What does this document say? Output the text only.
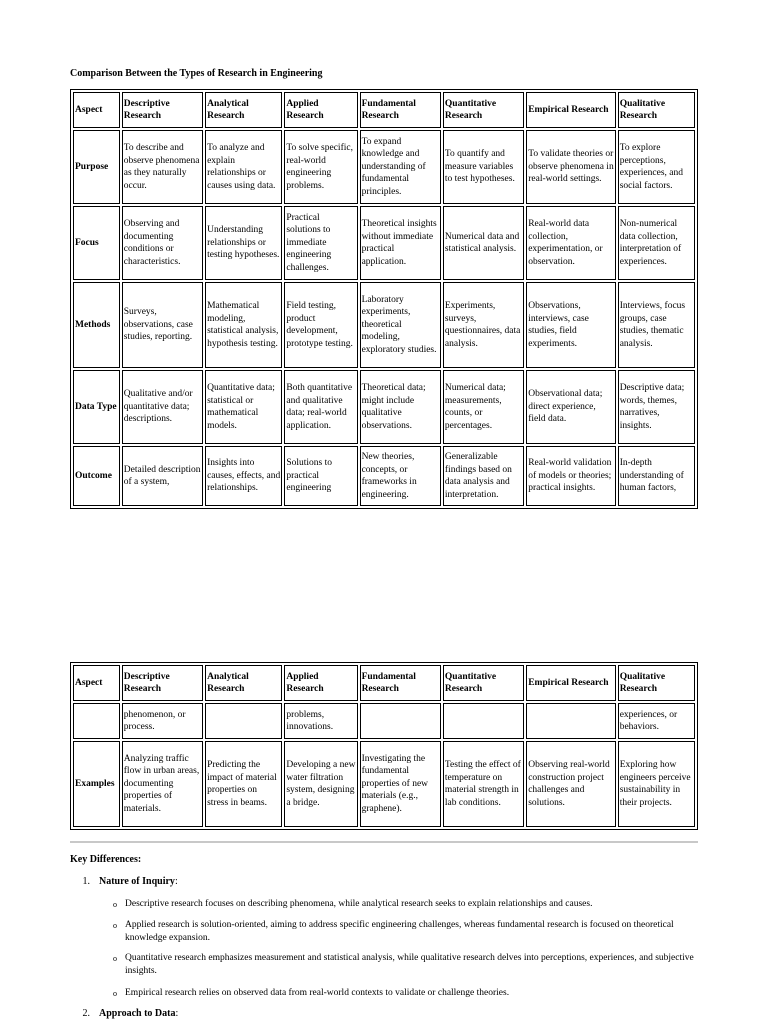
Comparison Between the Types of Research in Engineering
Aspect	Descriptive Research	Analytical Research	Applied Research	Fundamental Research	Quantitative Research	Empirical Research	Qualitative Research
Purpose	To describe and observe phenomena as they naturally occur.	To analyze and explain relationships or causes using data.	To solve specific, real-world engineering problems.	To expand knowledge and understanding of fundamental principles.	To quantify and measure variables to test hypotheses.	To validate theories or observe phenomena in real-world settings.	To explore perceptions, experiences, and social factors.
Focus	Observing and documenting conditions or characteristics.	Understanding relationships or testing hypotheses.	Practical solutions to immediate engineering challenges.	Theoretical insights without immediate practical application.	Numerical data and statistical analysis.	Real-world data collection, experimentation, or observation.	Non-numerical data collection, interpretation of experiences.
Methods	Surveys, observations, case studies, reporting.	Mathematical modeling, statistical analysis, hypothesis testing.	Field testing, product development, prototype testing.	Laboratory experiments, theoretical modeling, exploratory studies.	Experiments, surveys, questionnaires, data analysis.	Observations, interviews, case studies, field experiments.	Interviews, focus groups, case studies, thematic analysis.
Data Type	Qualitative and/or quantitative data; descriptions.	Quantitative data; statistical or mathematical models.	Both quantitative and qualitative data; real-world application.	Theoretical data; might include qualitative observations.	Numerical data; measurements, counts, or percentages.	Observational data; direct experience, field data.	Descriptive data; words, themes, narratives, insights.
Outcome	Detailed description of a system,	Insights into causes, effects, and relationships.	Solutions to practical engineering	New theories, concepts, or frameworks in engineering.	Generalizable findings based on data analysis and interpretation.	Real-world validation of models or theories; practical insights.	In-depth understanding of human factors,
Aspect	Descriptive Research	Analytical Research	Applied Research	Fundamental Research	Quantitative Research	Empirical Research	Qualitative Research
	phenomenon, or process.		problems, innovations.				experiences, or behaviors.
Examples	Analyzing traffic flow in urban areas, documenting properties of materials.	Predicting the impact of material properties on stress in beams.	Developing a new water filtration system, designing a bridge.	Investigating the fundamental properties of new materials (e.g., graphene).	Testing the effect of temperature on material strength in lab conditions.	Observing real-world construction project challenges and solutions.	Exploring how engineers perceive sustainability in their projects.
Key Differences:
1. Nature of Inquiry:
o Descriptive research focuses on describing phenomena, while analytical research seeks to explain relationships and causes.
o Applied research is solution-oriented, aiming to address specific engineering challenges, whereas fundamental research is focused on theoretical knowledge expansion.
o Quantitative research emphasizes measurement and statistical analysis, while qualitative research delves into perceptions, experiences, and subjective insights.
o Empirical research relies on observed data from real-world contexts to validate or challenge theories.
2. Approach to Data:
